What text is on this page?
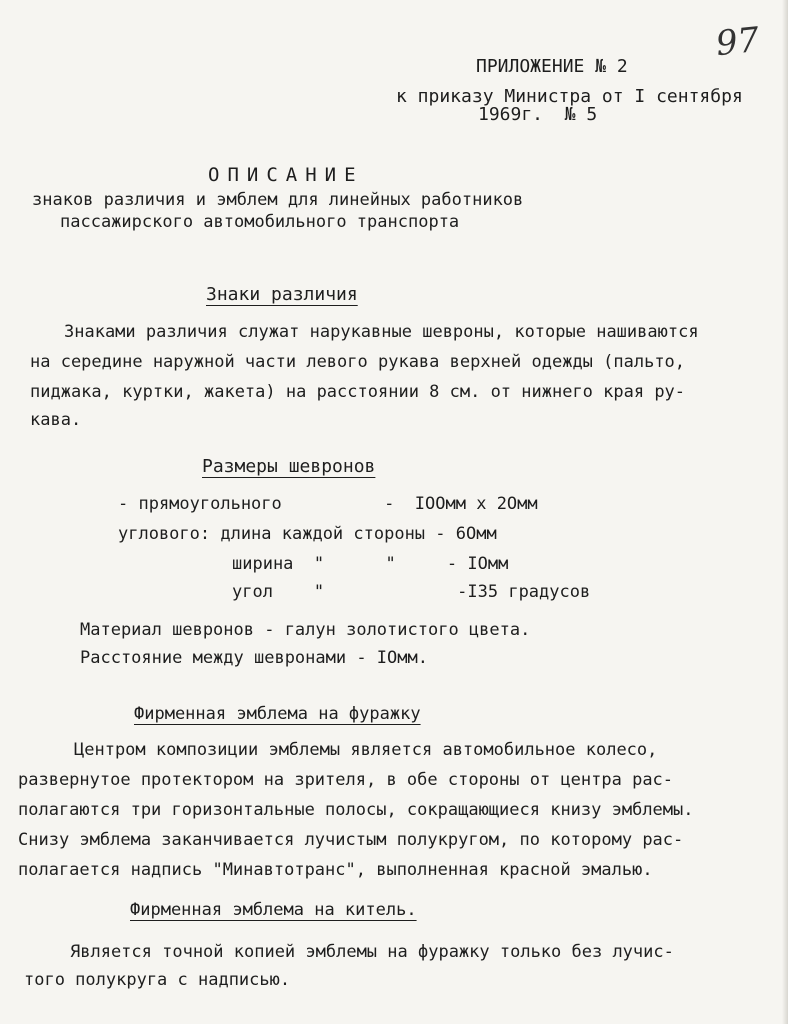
97
ПРИЛОЖЕНИЕ № 2
к приказу Министра от I сентября
1969г.  № 5
ОПИСАНИЕ
знаков различия и эмблем для линейных работников
пассажирского автомобильного транспорта
Знаки различия
Знаками различия служат нарукавные шевроны, которые нашиваются
на середине наружной части левого рукава верхней одежды (пальто,
пиджака, куртки, жакета) на расстоянии 8 см. от нижнего края ру-
кава.
Размеры шевронов
- прямоугольного          -  IOOмм х 2Oмм
углового: длина каждой стороны - 6Oмм
ширина  "      "     - IOмм
угол    "             -I35 градусов
Материал шевронов - галун золотистого цвета.
Расстояние между шевронами - IOмм.
Фирменная эмблема на фуражку
Центром композиции эмблемы является автомобильное колесо,
развернутое протектором на зрителя, в обе стороны от центра рас-
полагаются три горизонтальные полосы, сокращающиеся книзу эмблемы.
Снизу эмблема заканчивается лучистым полукругом, по которому рас-
полагается надпись "Минавтотранс", выполненная красной эмалью.
Фирменная эмблема на китель.
Является точной копией эмблемы на фуражку только без лучис-
того полукруга с надписью.
